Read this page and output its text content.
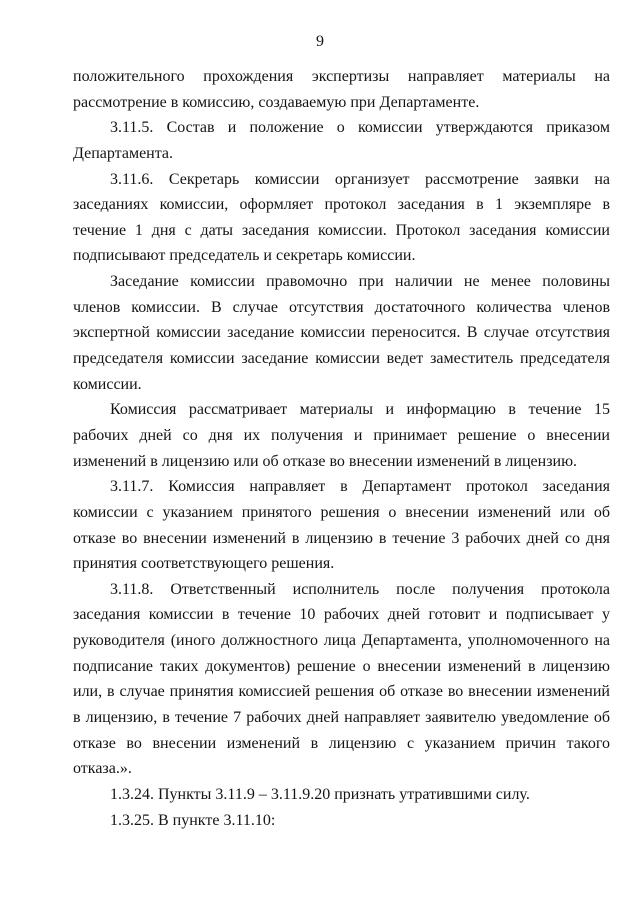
9
положительного прохождения экспертизы направляет материалы на
рассмотрение в комиссию, создаваемую при Департаменте.
3.11.5. Состав и положение о комиссии утверждаются приказом
Департамента.
3.11.6. Секретарь комиссии организует рассмотрение заявки на
заседаниях комиссии, оформляет протокол заседания в 1 экземпляре в
течение 1 дня с даты заседания комиссии. Протокол заседания комиссии
подписывают председатель и секретарь комиссии.
Заседание комиссии правомочно при наличии не менее половины
членов комиссии. В случае отсутствия достаточного количества членов
экспертной комиссии заседание комиссии переносится. В случае отсутствия
председателя комиссии заседание комиссии ведет заместитель председателя
комиссии.
Комиссия рассматривает материалы и информацию в течение 15
рабочих дней со дня их получения и принимает решение о внесении
изменений в лицензию или об отказе во внесении изменений в лицензию.
3.11.7. Комиссия направляет в Департамент протокол заседания
комиссии с указанием принятого решения о внесении изменений или об
отказе во внесении изменений в лицензию в течение 3 рабочих дней со дня
принятия соответствующего решения.
3.11.8. Ответственный исполнитель после получения протокола
заседания комиссии в течение 10 рабочих дней готовит и подписывает у
руководителя (иного должностного лица Департамента, уполномоченного на
подписание таких документов) решение о внесении изменений в лицензию
или, в случае принятия комиссией решения об отказе во внесении изменений
в лицензию, в течение 7 рабочих дней направляет заявителю уведомление об
отказе во внесении изменений в лицензию с указанием причин такого
отказа.».
1.3.24. Пункты 3.11.9 – 3.11.9.20 признать утратившими силу.
1.3.25. В пункте 3.11.10:
